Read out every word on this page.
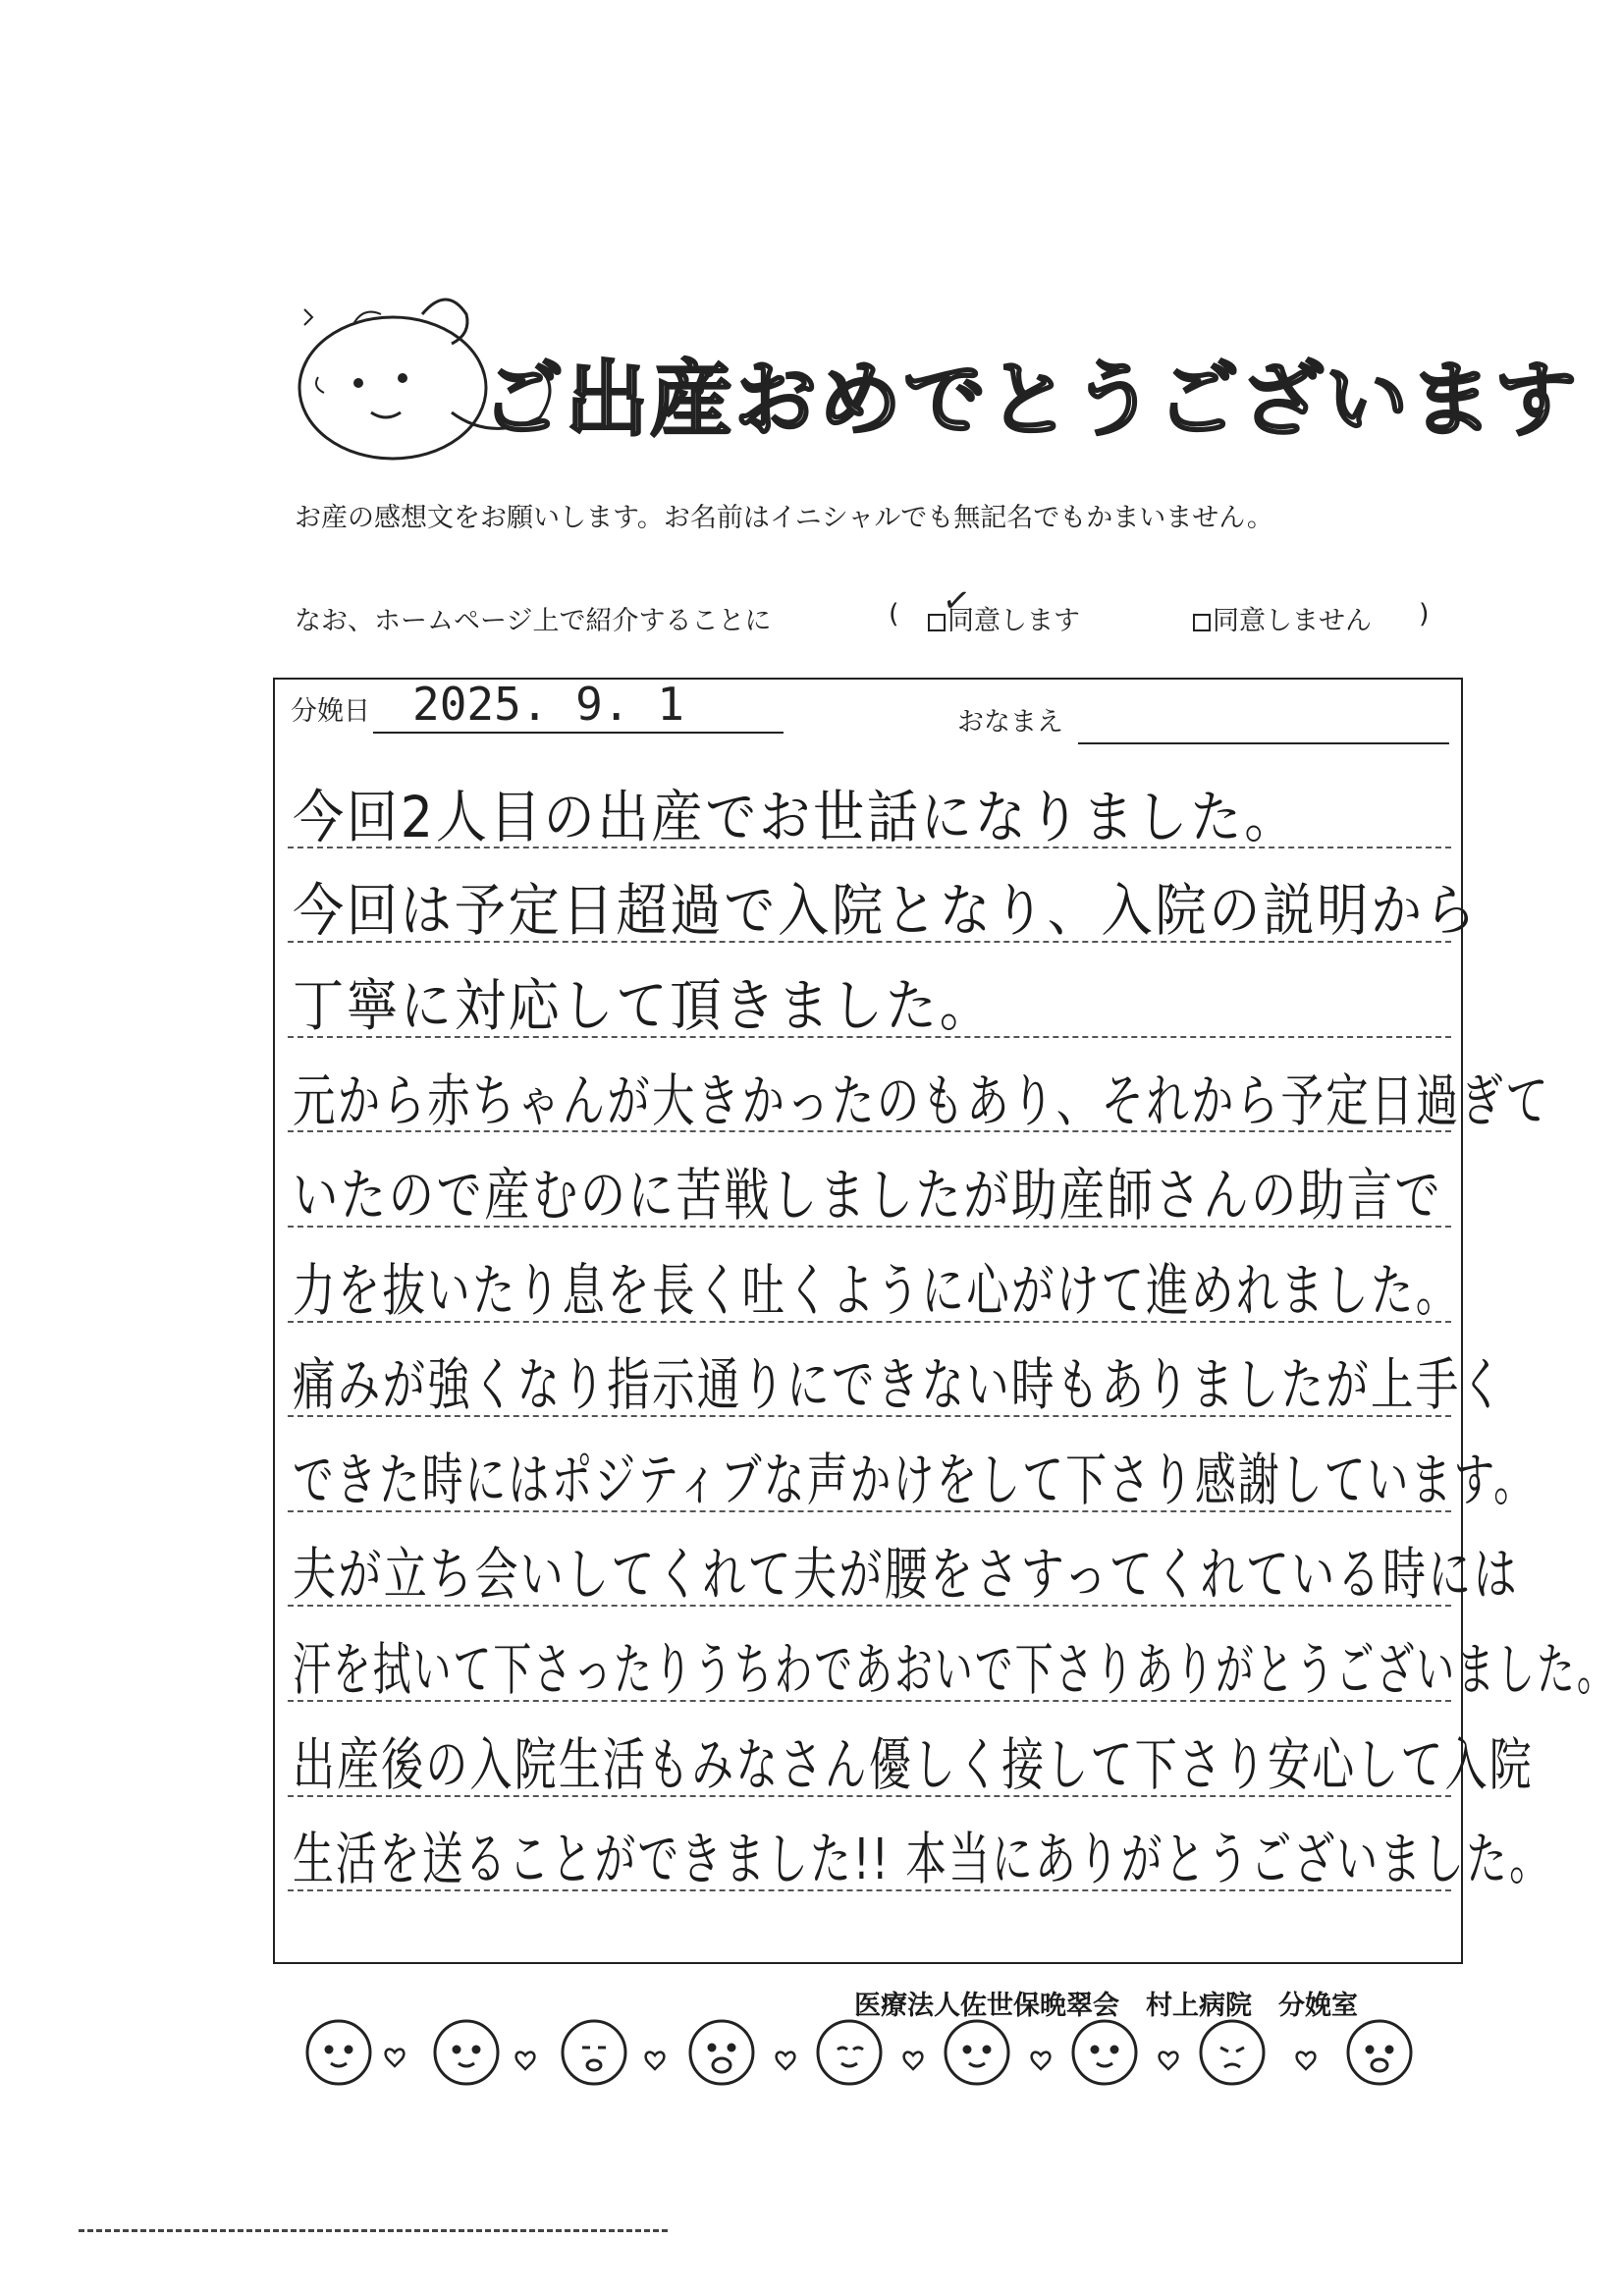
ご出産おめでとうございます
お産の感想文をお願いします。お名前はイニシャルでも無記名でもかまいません。
なお、ホームページ上で紹介することに	(	同意します	同意しません )
✓
分娩日 2025. 9. 1	おなまえ
今回2人目の出産でお世話になりました。
今回は予定日超過で入院となり、入院の説明から
丁寧に対応して頂きました。
元から赤ちゃんが大きかったのもあり、それから予定日過ぎて
いたので産むのに苦戦しましたが助産師さんの助言で
力を抜いたり息を長く吐くように心がけて進めれました。
痛みが強くなり指示通りにできない時もありましたが上手く
できた時にはポジティブな声かけをして下さり感謝しています。
夫が立ち会いしてくれて夫が腰をさすってくれている時には
汗を拭いて下さったりうちわであおいで下さりありがとうございました。
出産後の入院生活もみなさん優しく接して下さり安心して入院
生活を送ることができました!! 本当にありがとうございました。
医療法人佐世保晩翠会　村上病院　分娩室
